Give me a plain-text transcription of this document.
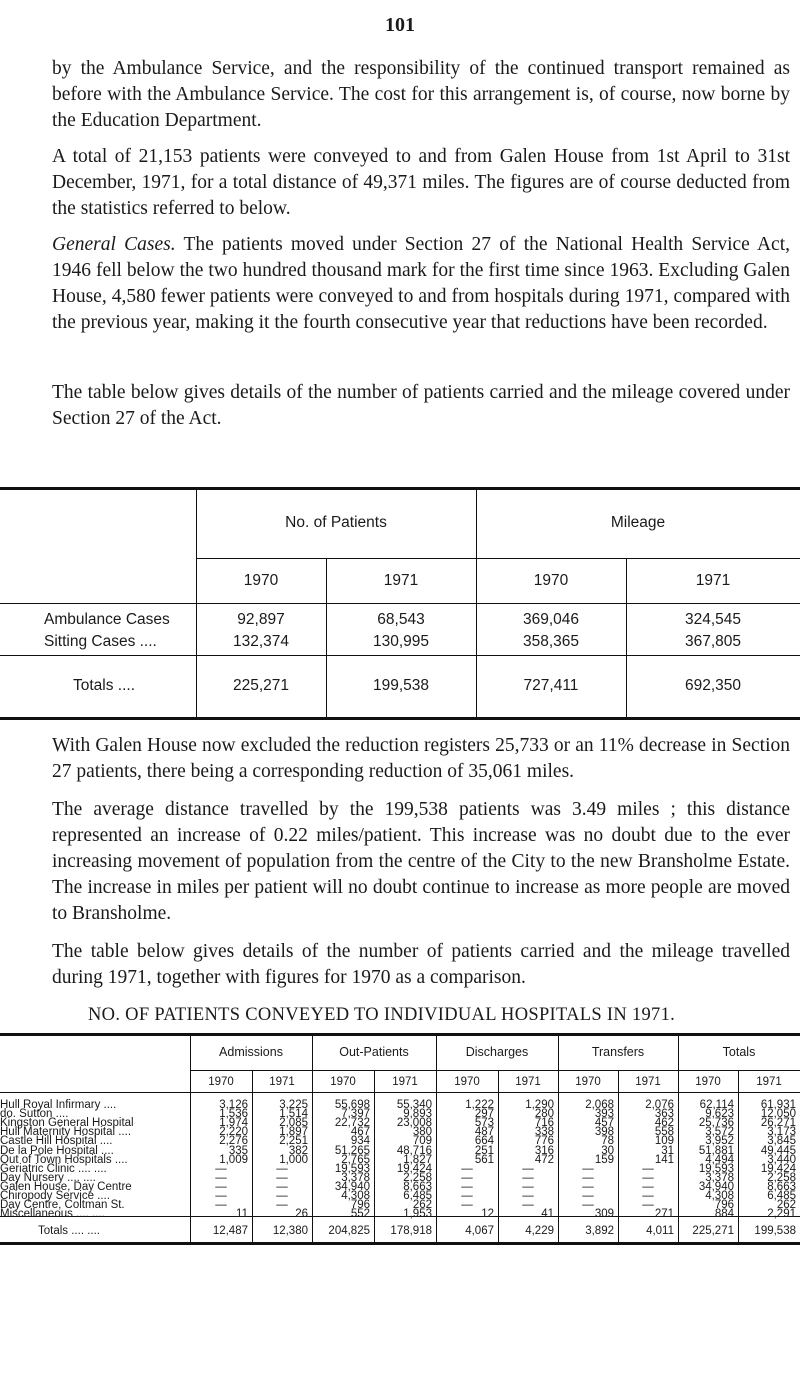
101

by the Ambulance Service, and the responsibility of the continued transport remained as before with the Ambulance Service. The cost for this arrangement is, of course, now borne by the Education Department.

A total of 21,153 patients were conveyed to and from Galen House from 1st April to 31st December, 1971, for a total distance of 49,371 miles. The figures are of course deducted from the statistics referred to below.

General Cases. The patients moved under Section 27 of the National Health Service Act, 1946 fell below the two hundred thousand mark for the first time since 1963. Excluding Galen House, 4,580 fewer patients were conveyed to and from hospitals during 1971, compared with the previous year, making it the fourth consecutive year that reductions have been recorded.

The table below gives details of the number of patients carried and the mileage covered under Section 27 of the Act.

No. of Patients	Mileage
1970	1971	1970	1971
Ambulance Cases	92,897	68,543	369,046	324,545
Sitting Cases ....	132,374	130,995	358,365	367,805
Totals ....	225,271	199,538	727,411	692,350

With Galen House now excluded the reduction registers 25,733 or an 11% decrease in Section 27 patients, there being a corresponding reduction of 35,061 miles.

NO. OF PATIENTS CONVEYED TO INDIVIDUAL HOSPITALS IN 1971.
Admissions	Out-Patients	Discharges	Transfers	Totals
1970	1971	1970	1971	1970	1971	1970	1971	1970	1971
Hull Royal Infirmary ....	3,126	3,225	55,698	55,340	1,222	1,290	2,068	2,076	62,114	61,931
do. Sutton ....	1,536	1,514	7,397	9,893	297	280	393	363	9,623	12,050
Kingston General Hospital	1,974	2,085	22,732	23,008	573	716	457	462	25,736	26,271
Hull Maternity Hospital ....	2,220	1,897	467	380	487	338	398	558	3,572	3,173
Castle Hill Hospital ....	2,276	2,251	934	709	664	776	78	109	3,952	3,845
De la Pole Hospital ....	335	382	51,265	48,716	251	316	30	31	51,881	49,445
Out of Town Hospitals ....	1,009	1,000	2,765	1,827	561	472	159	141	4,494	3,440
Geriatric Clinic .... ....	—	—	19,593	19,424	—	—	—	—	19,593	19,424
Day Nursery .... ....	—	—	3,378	2,258	—	—	—	—	3,378	2,258
Galen House, Day Centre	—	—	34,940	8,663	—	—	—	—	34,940	8,663
Chiropody Service ....	—	—	4,308	6,485	—	—	—	—	4,308	6,485
Day Centre, Coltman St.	—	—	796	262	—	—	—	—	796	262
Miscellaneous .... ....	11	26	552	1,953	12	41	309	271	884	2,291
Totals .... ....	12,487	12,380	204,825	178,918	4,067	4,229	3,892	4,011	225,271	199,538

The average distance travelled by the 199,538 patients was 3.49 miles ; this distance represented an increase of 0.22 miles/patient. This increase was no doubt due to the ever increasing movement of population from the centre of the City to the new Bransholme Estate. The increase in miles per patient will no doubt continue to increase as more people are moved to Bransholme.

The table below gives details of the number of patients carried and the mileage travelled during 1971, together with figures for 1970 as a comparison.
